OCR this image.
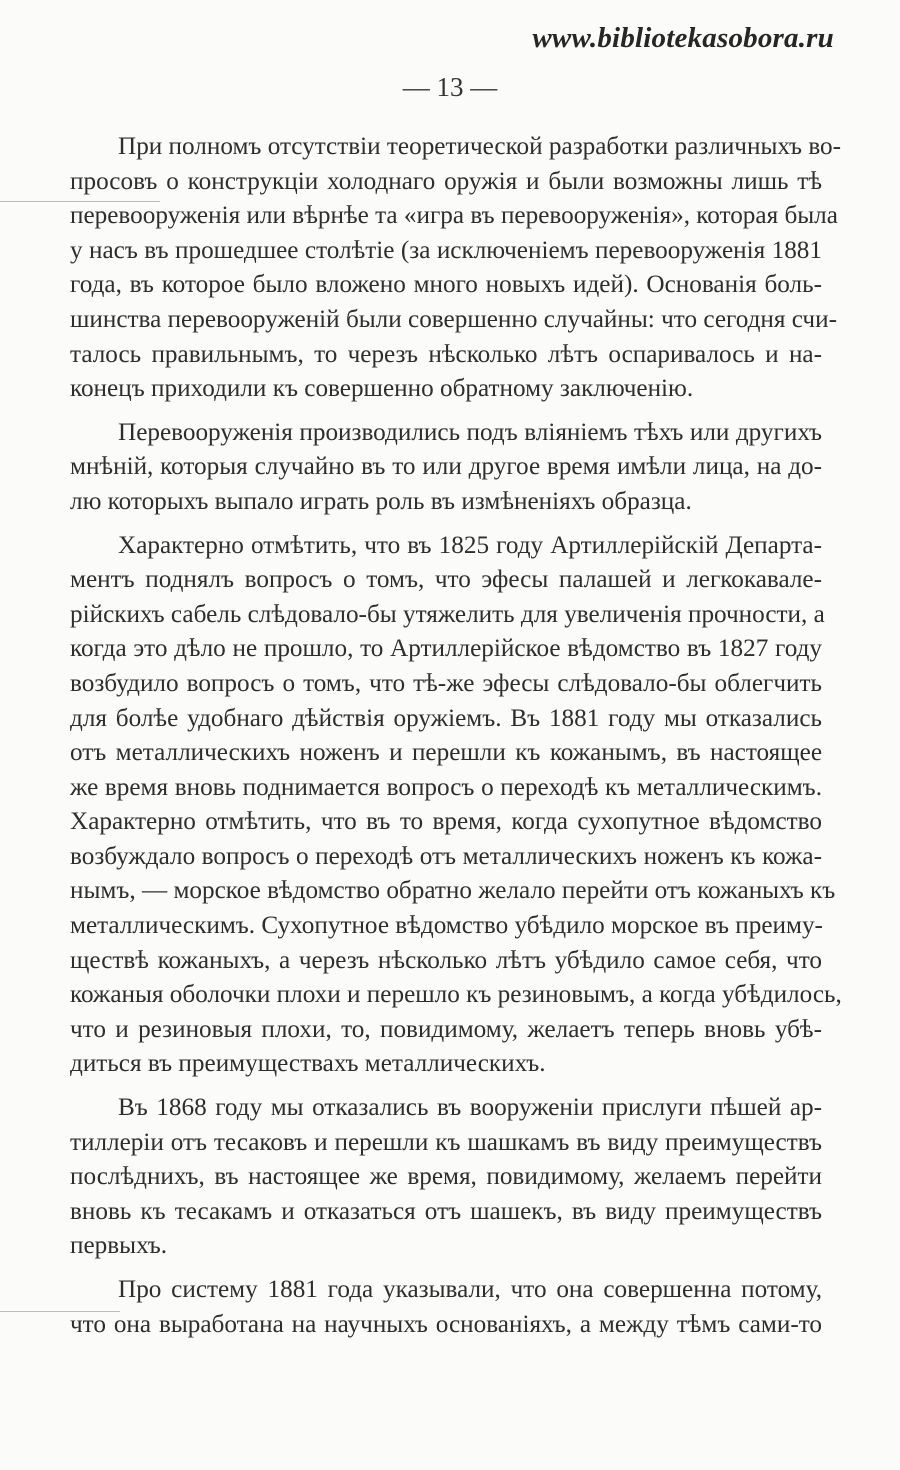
www.bibliotekasobora.ru
— 13 —
При полномъ отсутствіи теоретической разработки различныхъ во-
просовъ о конструкціи холоднаго оружія и были возможны лишь тѣ
перевооруженія или вѣрнѣе та «игра въ перевооруженія», которая была
у насъ въ прошедшее столѣтіе (за исключеніемъ перевооруженія 1881
года, въ которое было вложено много новыхъ идей). Основанія боль-
шинства перевооруженій были совершенно случайны: что сегодня счи-
талось правильнымъ, то черезъ нѣсколько лѣтъ оспаривалось и на-
конецъ приходили къ совершенно обратному заключенію.
Перевооруженія производились подъ вліяніемъ тѣхъ или другихъ
мнѣній, которыя случайно въ то или другое время имѣли лица, на до-
лю которыхъ выпало играть роль въ измѣненіяхъ образца.
Характерно отмѣтить, что въ 1825 году Артиллерійскій Департа-
ментъ поднялъ вопросъ о томъ, что эфесы палашей и легкокавале-
рійскихъ сабель слѣдовало-бы утяжелить для увеличенія прочности, а
когда это дѣло не прошло, то Артиллерійское вѣдомство въ 1827 году
возбудило вопросъ о томъ, что тѣ-же эфесы слѣдовало-бы облегчить
для болѣе удобнаго дѣйствія оружіемъ. Въ 1881 году мы отказались
отъ металлическихъ ноженъ и перешли къ кожанымъ, въ настоящее
же время вновь поднимается вопросъ о переходѣ къ металлическимъ.
Характерно отмѣтить, что въ то время, когда сухопутное вѣдомство
возбуждало вопросъ о переходѣ отъ металлическихъ ноженъ къ кожа-
нымъ, — морское вѣдомство обратно желало перейти отъ кожаныхъ къ
металлическимъ. Сухопутное вѣдомство убѣдило морское въ преиму-
ществѣ кожаныхъ, а черезъ нѣсколько лѣтъ убѣдило самое себя, что
кожаныя оболочки плохи и перешло къ резиновымъ, а когда убѣдилось,
что и резиновыя плохи, то, повидимому, желаетъ теперь вновь убѣ-
диться въ преимуществахъ металлическихъ.
Въ 1868 году мы отказались въ вооруженіи прислуги пѣшей ар-
тиллеріи отъ тесаковъ и перешли къ шашкамъ въ виду преимуществъ
послѣднихъ, въ настоящее же время, повидимому, желаемъ перейти
вновь къ тесакамъ и отказаться отъ шашекъ, въ виду преимуществъ
первыхъ.
Про систему 1881 года указывали, что она совершенна потому,
что она выработана на научныхъ основаніяхъ, а между тѣмъ сами-то
